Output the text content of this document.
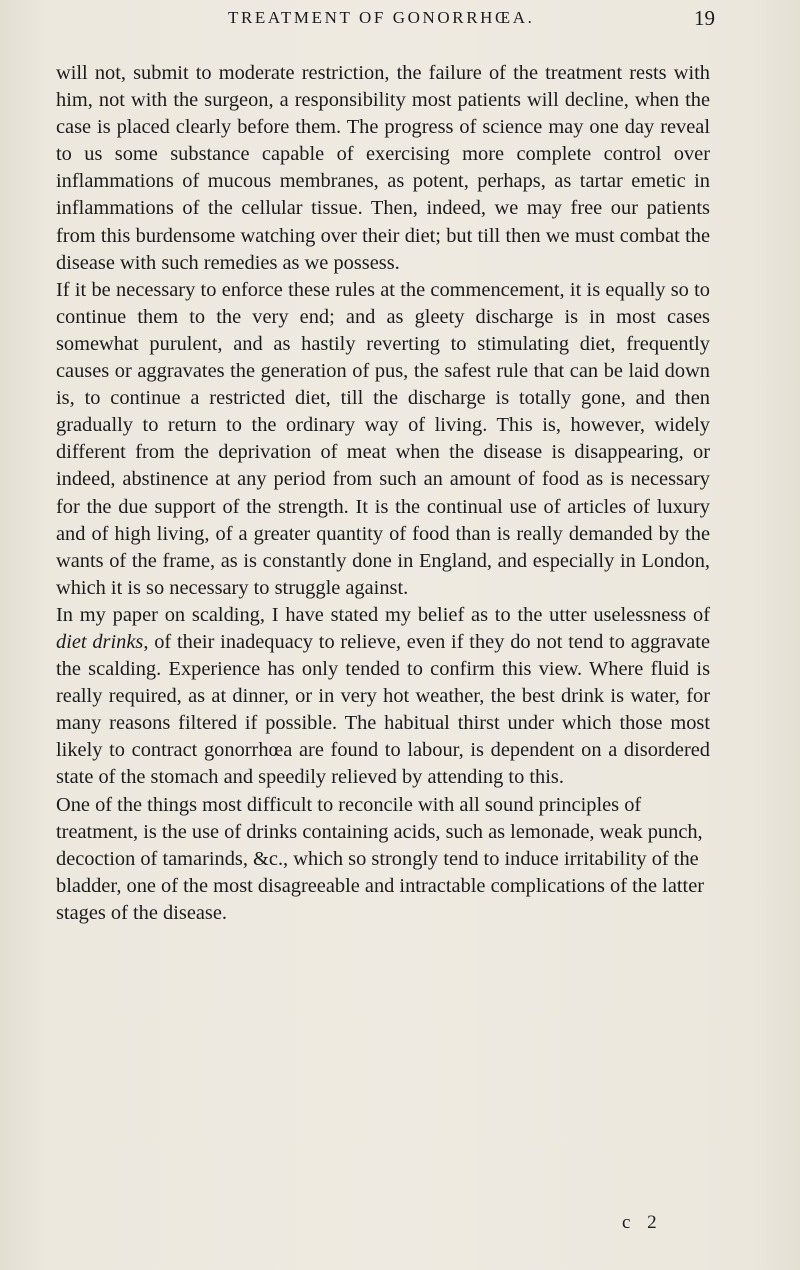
TREATMENT OF GONORRHŒA.	19

will not, submit to moderate restriction, the failure of the treatment rests with him, not with the surgeon, a responsibility most patients will decline, when the case is placed clearly before them. The progress of science may one day reveal to us some substance capable of exercising more complete control over inflammations of mucous membranes, as potent, perhaps, as tartar emetic in inflammations of the cellular tissue. Then, indeed, we may free our patients from this burdensome watching over their diet; but till then we must combat the disease with such remedies as we possess.

If it be necessary to enforce these rules at the commencement, it is equally so to continue them to the very end; and as gleety discharge is in most cases somewhat purulent, and as hastily reverting to stimulating diet, frequently causes or aggravates the generation of pus, the safest rule that can be laid down is, to continue a restricted diet, till the discharge is totally gone, and then gradually to return to the ordinary way of living. This is, however, widely different from the deprivation of meat when the disease is disappearing, or indeed, abstinence at any period from such an amount of food as is necessary for the due support of the strength. It is the continual use of articles of luxury and of high living, of a greater quantity of food than is really demanded by the wants of the frame, as is constantly done in England, and especially in London, which it is so necessary to struggle against.

In my paper on scalding, I have stated my belief as to the utter uselessness of diet drinks, of their inadequacy to relieve, even if they do not tend to aggravate the scalding. Experience has only tended to confirm this view. Where fluid is really required, as at dinner, or in very hot weather, the best drink is water, for many reasons filtered if possible. The habitual thirst under which those most likely to contract gonorrhœa are found to labour, is dependent on a disordered state of the stomach and speedily relieved by attending to this.

One of the things most difficult to reconcile with all sound principles of treatment, is the use of drinks containing acids, such as lemonade, weak punch, decoction of tamarinds, &c., which so strongly tend to induce irritability of the bladder, one of the most disagreeable and intractable complications of the latter stages of the disease.

c 2
